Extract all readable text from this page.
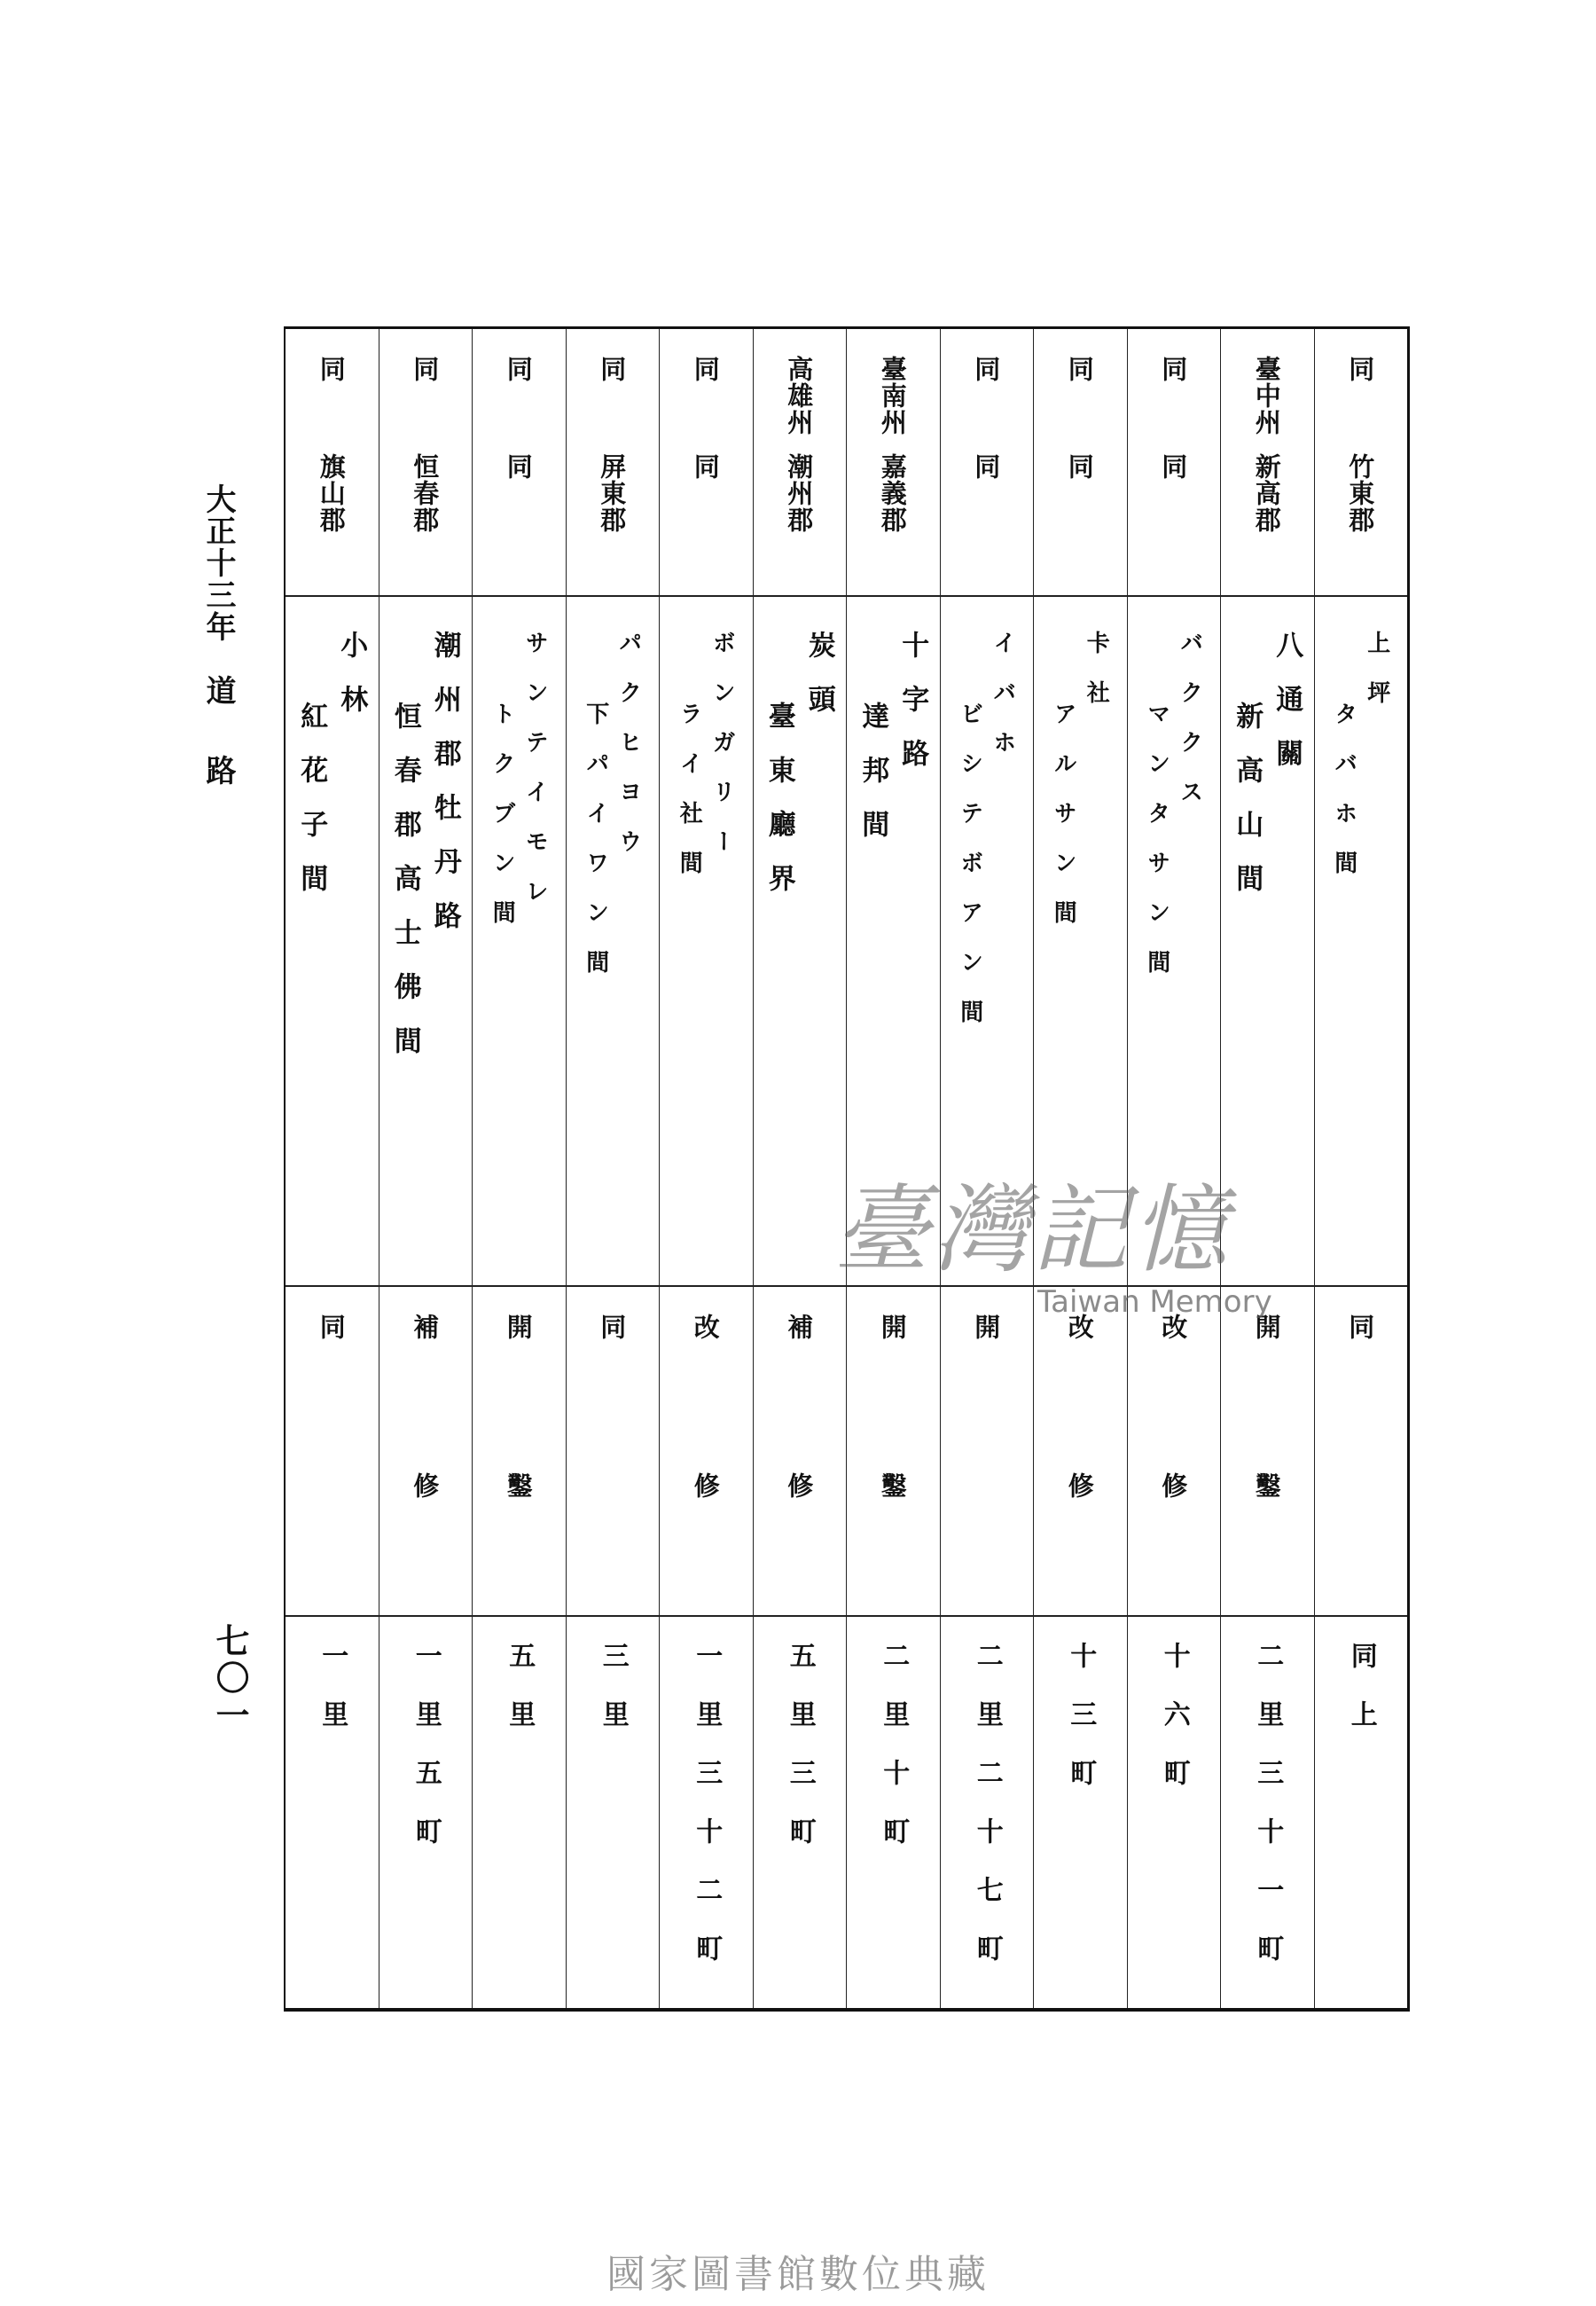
大正十三年
道路
七〇一
同
竹東郡
上坪
タバホ間
同
同上
臺中州
新高郡
八通關
新高山間
開鑿
二里三十一町
同
同
バククス
マンタサン間
改修
十六町
同
同
卡社
アルサン間
改修
十三町
同
同
イバホ
ビシテボアン間
開
二里二十七町
臺南州
嘉義郡
十字路
達邦間
開鑿
二里十町
高雄州
潮州郡
炭頭
臺東廳界
補修
五里三町
同
同
ボンガリー
ライ社間
改修
一里三十二町
同
屏東郡
パクヒヨウ
下パイワン間
同
三里
同
同
サンテイモレ
トクブン間
開鑿
五里
同
恒春郡
潮州郡牡丹路
恒春郡高士佛間
補修
一里五町
同
旗山郡
小林
紅花子間
同
一里
臺灣記憶
Taiwan Memory
國家圖書館數位典藏
